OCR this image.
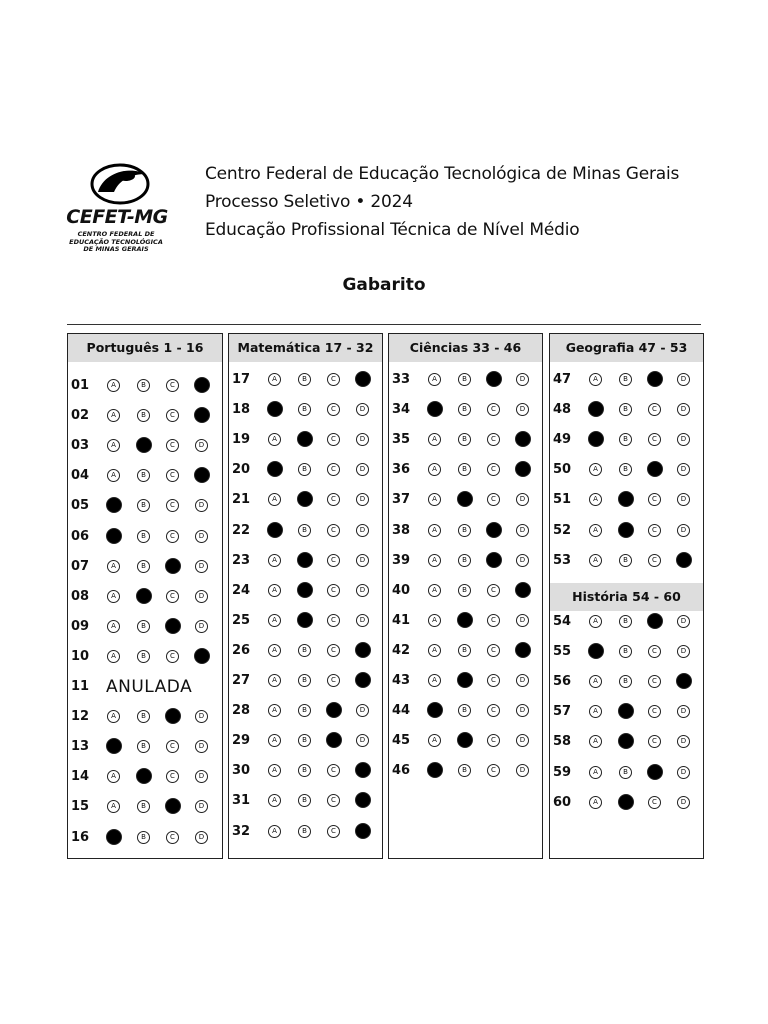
CEFET-MG
CENTRO FEDERAL DE
EDUCAÇÃO TECNOLÓGICA
DE MINAS GERAIS
Centro Federal de Educação Tecnológica de Minas Gerais
Processo Seletivo • 2024
Educação Profissional Técnica de Nível Médio
Gabarito
Português 1 - 16
01	A	B	C	D
02	A	B	C	D
03	A	B	C	D
04	A	B	C	D
05	A	B	C	D
06	A	B	C	D
07	A	B	C	D
08	A	B	C	D
09	A	B	C	D
10	A	B	C	D
11 ANULADA
12	A	B	C	D
13	A	B	C	D
14	A	B	C	D
15	A	B	C	D
16	A	B	C	D
Matemática 17 - 32
17	A	B	C	D
18	A	B	C	D
19	A	B	C	D
20	A	B	C	D
21	A	B	C	D
22	A	B	C	D
23	A	B	C	D
24	A	B	C	D
25	A	B	C	D
26	A	B	C	D
27	A	B	C	D
28	A	B	C	D
29	A	B	C	D
30	A	B	C	D
31	A	B	C	D
32	A	B	C	D
Ciências 33 - 46
33	A	B	C	D
34	A	B	C	D
35	A	B	C	D
36	A	B	C	D
37	A	B	C	D
38	A	B	C	D
39	A	B	C	D
40	A	B	C	D
41	A	B	C	D
42	A	B	C	D
43	A	B	C	D
44	A	B	C	D
45	A	B	C	D
46	A	B	C	D
Geografia 47 - 53
47	A	B	C	D
48	A	B	C	D
49	A	B	C	D
50	A	B	C	D
51	A	B	C	D
52	A	B	C	D
53	A	B	C	D
História 54 - 60
54	A	B	C	D
55	A	B	C	D
56	A	B	C	D
57	A	B	C	D
58	A	B	C	D
59	A	B	C	D
60	A	B	C	D
